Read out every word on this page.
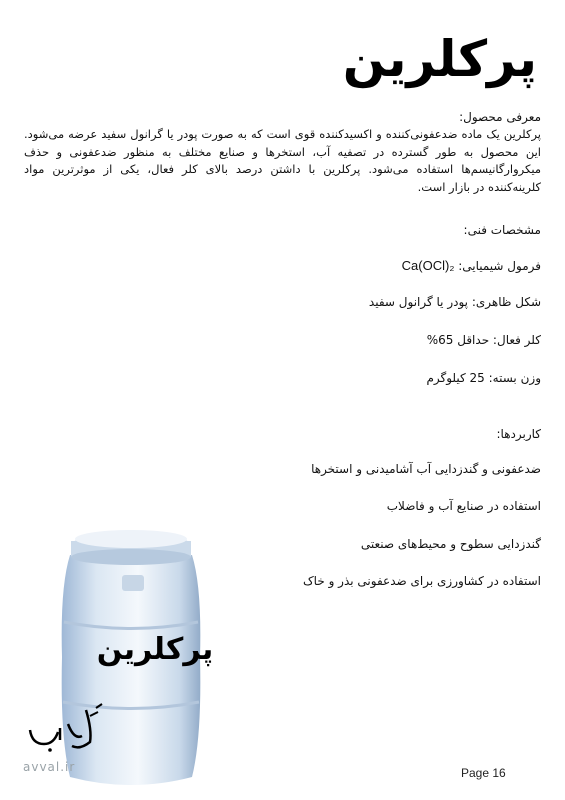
پرکلرین
معرفی محصول:
پرکلرین یک ماده ضدعفونی‌کننده و اکسیدکننده قوی است که به صورت پودر یا گرانول سفید عرضه می‌شود. این محصول به طور گسترده در تصفیه آب، استخرها و صنایع مختلف به منظور ضدعفونی و حذف میکروارگانیسم‌ها استفاده می‌شود. پرکلرین با داشتن درصد بالای کلر فعال، یکی از موثرترین مواد کلرینه‌کننده در بازار است.
مشخصات فنی:
فرمول شیمیایی: Ca(OCl)₂
شکل ظاهری: پودر یا گرانول سفید
کلر فعال: حداقل 65%
وزن بسته: 25 کیلوگرم
کاربردها:
ضدعفونی و گندزدایی آب آشامیدنی و استخرها
استفاده در صنایع آب و فاضلاب
گندزدایی سطوح و محیط‌های صنعتی
استفاده در کشاورزی برای ضدعفونی بذر و خاک
پرکلرین
avval.ir	Page 16
